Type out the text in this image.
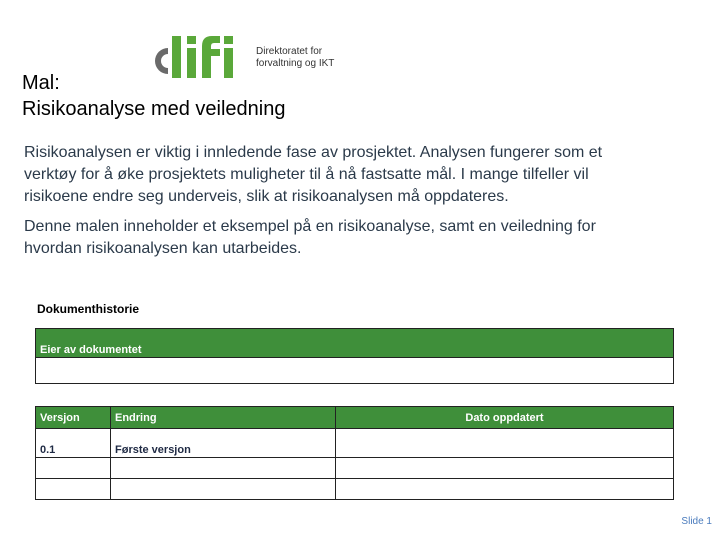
Direktoratet for
forvaltning og IKT
Mal:
Risikoanalyse med veiledning

Risikoanalysen er viktig i innledende fase av prosjektet. Analysen fungerer som et verktøy for å øke prosjektets muligheter til å nå fastsatte mål. I mange tilfeller vil risikoene endre seg underveis, slik at risikoanalysen må oppdateres.

Denne malen inneholder et eksempel på en risikoanalyse, samt en veiledning for hvordan risikoanalysen kan utarbeides.

Dokumenthistorie
Eier av dokumentet

Versjon	Endring	Dato oppdatert
0.1	Første versjon	

Slide 1
